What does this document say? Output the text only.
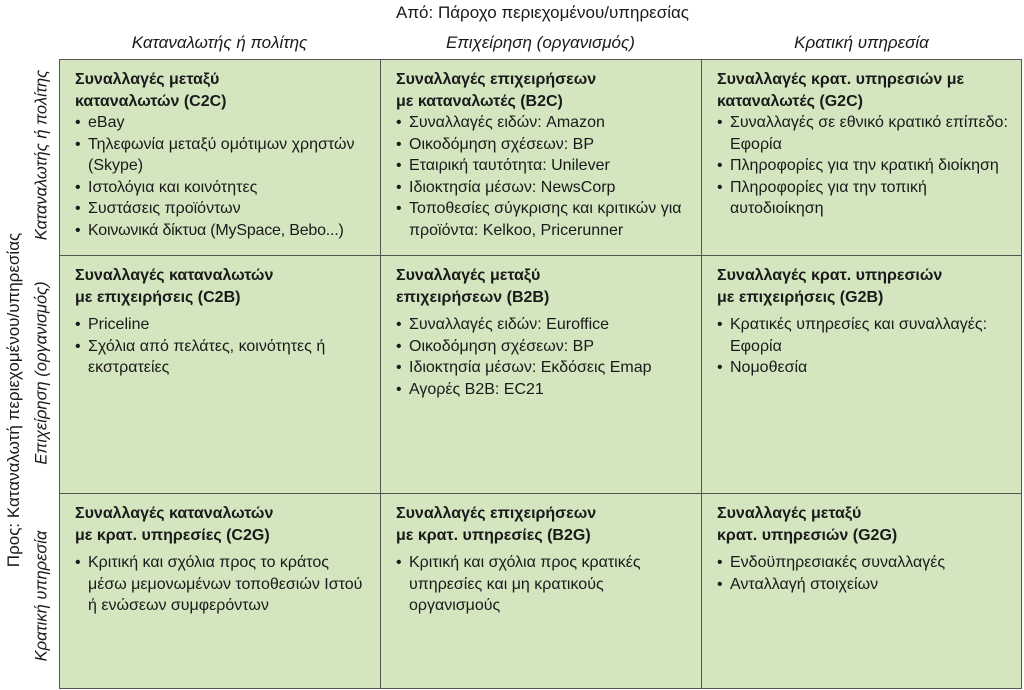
Από: Πάροχο περιεχομένου/υπηρεσίας
Καταναλωτής ή πολίτης	Επιχείρηση (οργανισμός)	Κρατική υπηρεσία
Προς: Καταναλωτή περιεχομένου/υπηρεσίας
Καταναλωτής ή πολίτης
Επιχείρηση (οργανισμός)
Κρατική υπηρεσία
Συναλλαγές μεταξύ
καταναλωτών (C2C)
• eBay
• Τηλεφωνία μεταξύ ομότιμων χρηστών (Skype)
• Ιστολόγια και κοινότητες
• Συστάσεις προϊόντων
• Κοινωνικά δίκτυα (MySpace, Bebo...)
Συναλλαγές επιχειρήσεων
με καταναλωτές (B2C)
• Συναλλαγές ειδών: Amazon
• Οικοδόμηση σχέσεων: BP
• Εταιρική ταυτότητα: Unilever
• Ιδιοκτησία μέσων: NewsCorp
• Τοποθεσίες σύγκρισης και κριτικών για προϊόντα: Kelkoo, Pricerunner
Συναλλαγές κρατ. υπηρεσιών με
καταναλωτές (G2C)
• Συναλλαγές σε εθνικό κρατικό επίπεδο: Εφορία
• Πληροφορίες για την κρατική διοίκηση
• Πληροφορίες για την τοπική αυτοδιοίκηση
Συναλλαγές καταναλωτών
με επιχειρήσεις (C2B)
• Priceline
• Σχόλια από πελάτες, κοινότητες ή εκστρατείες
Συναλλαγές μεταξύ
επιχειρήσεων (B2B)
• Συναλλαγές ειδών: Euroffice
• Οικοδόμηση σχέσεων: BP
• Ιδιοκτησία μέσων: Εκδόσεις Emap
• Αγορές B2B: EC21
Συναλλαγές κρατ. υπηρεσιών
με επιχειρήσεις (G2B)
• Κρατικές υπηρεσίες και συναλλαγές: Εφορία
• Νομοθεσία
Συναλλαγές καταναλωτών
με κρατ. υπηρεσίες (C2G)
• Κριτική και σχόλια προς το κράτος μέσω μεμονωμένων τοποθεσιών Ιστού ή ενώσεων συμφερόντων
Συναλλαγές επιχειρήσεων
με κρατ. υπηρεσίες (B2G)
• Κριτική και σχόλια προς κρατικές υπηρεσίες και μη κρατικούς οργανισμούς
Συναλλαγές μεταξύ
κρατ. υπηρεσιών (G2G)
• Ενδοϋπηρεσιακές συναλλαγές
• Ανταλλαγή στοιχείων
